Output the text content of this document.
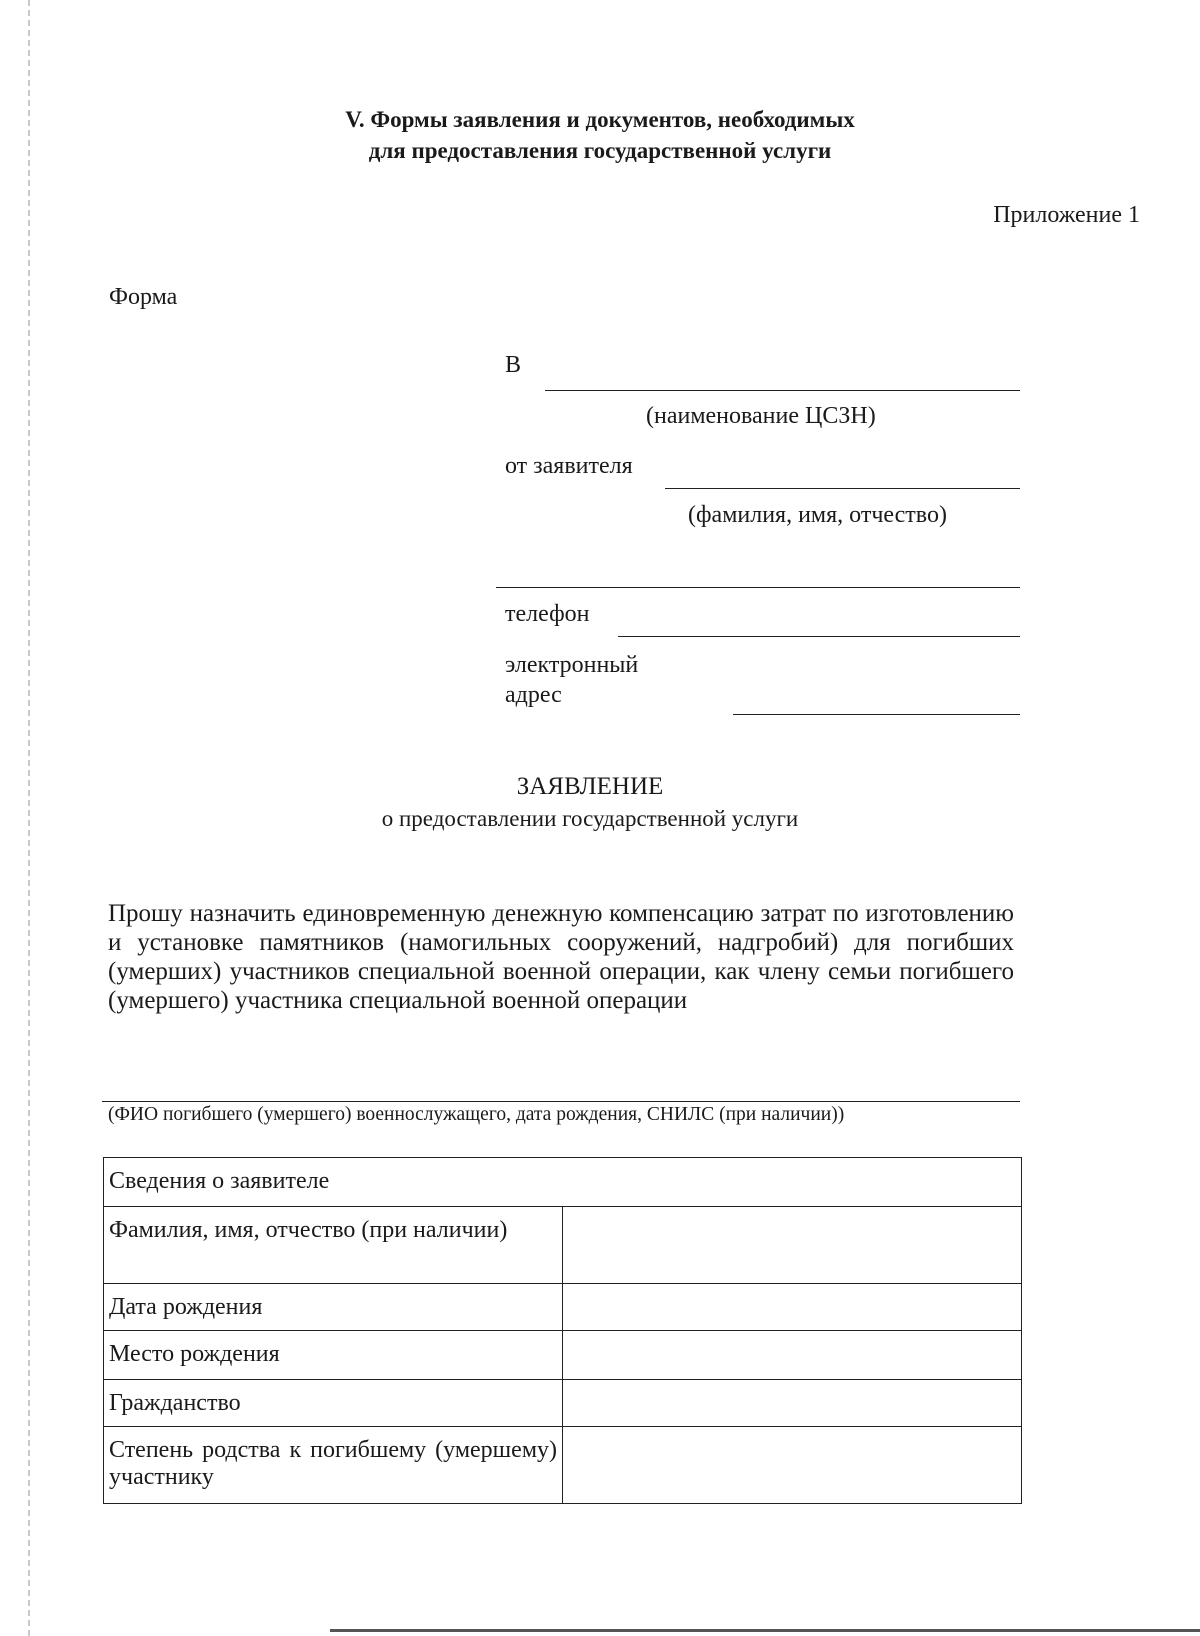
V. Формы заявления и документов, необходимых
для предоставления государственной услуги
Приложение 1
Форма
В
(наименование ЦСЗН)
от заявителя
(фамилия, имя, отчество)
телефон
электронный
адрес
ЗАЯВЛЕНИЕ
о предоставлении государственной услуги
Прошу назначить единовременную денежную компенсацию затрат по изготовлению и установке памятников (намогильных сооружений, надгробий) для погибших (умерших) участников специальной военной операции, как члену семьи погибшего (умершего) участника специальной военной операции
(ФИО погибшего (умершего) военнослужащего, дата рождения, СНИЛС (при наличии))
Сведения о заявителе	

Фамилия, имя, отчество (при наличии)	

Дата рождения	
Место рождения	
Гражданство	
Степень родства к погибшему (умершему) участнику	
